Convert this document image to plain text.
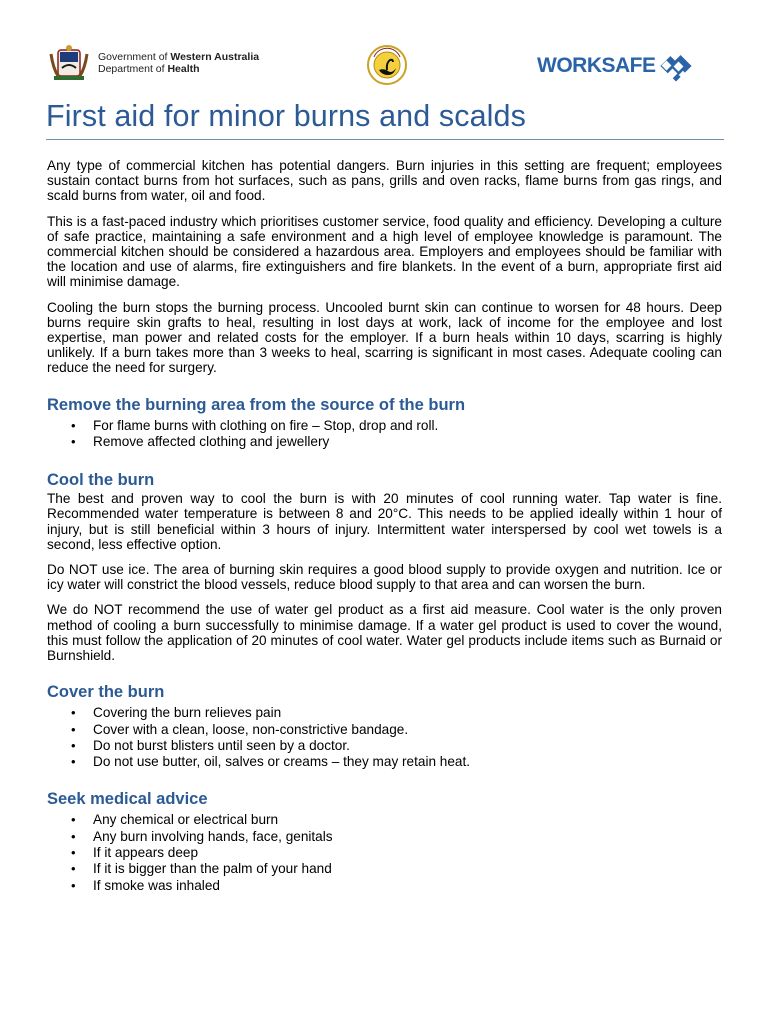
Government of Western Australia
Department of Health	WORKSAFE
First aid for minor burns and scalds

Any type of commercial kitchen has potential dangers. Burn injuries in this setting are frequent; employees sustain contact burns from hot surfaces, such as pans, grills and oven racks, flame burns from gas rings, and scald burns from water, oil and food.

This is a fast-paced industry which prioritises customer service, food quality and efficiency. Developing a culture of safe practice, maintaining a safe environment and a high level of employee knowledge is paramount. The commercial kitchen should be considered a hazardous area. Employers and employees should be familiar with the location and use of alarms, fire extinguishers and fire blankets. In the event of a burn, appropriate first aid will minimise damage.

Cooling the burn stops the burning process. Uncooled burnt skin can continue to worsen for 48 hours. Deep burns require skin grafts to heal, resulting in lost days at work, lack of income for the employee and lost expertise, man power and related costs for the employer. If a burn heals within 10 days, scarring is highly unlikely. If a burn takes more than 3 weeks to heal, scarring is significant in most cases. Adequate cooling can reduce the need for surgery.

Remove the burning area from the source of the burn
• For flame burns with clothing on fire – Stop, drop and roll.
• Remove affected clothing and jewellery
Cool the burn

The best and proven way to cool the burn is with 20 minutes of cool running water. Tap water is fine. Recommended water temperature is between 8 and 20°C. This needs to be applied ideally within 1 hour of injury, but is still beneficial within 3 hours of injury. Intermittent water interspersed by cool wet towels is a second, less effective option.

Do NOT use ice. The area of burning skin requires a good blood supply to provide oxygen and nutrition. Ice or icy water will constrict the blood vessels, reduce blood supply to that area and can worsen the burn.

We do NOT recommend the use of water gel product as a first aid measure. Cool water is the only proven method of cooling a burn successfully to minimise damage. If a water gel product is used to cover the wound, this must follow the application of 20 minutes of cool water. Water gel products include items such as Burnaid or Burnshield.

Cover the burn
• Covering the burn relieves pain
• Cover with a clean, loose, non-constrictive bandage.
• Do not burst blisters until seen by a doctor.
• Do not use butter, oil, salves or creams – they may retain heat.
Seek medical advice
• Any chemical or electrical burn
• Any burn involving hands, face, genitals
• If it appears deep
• If it is bigger than the palm of your hand
• If smoke was inhaled
